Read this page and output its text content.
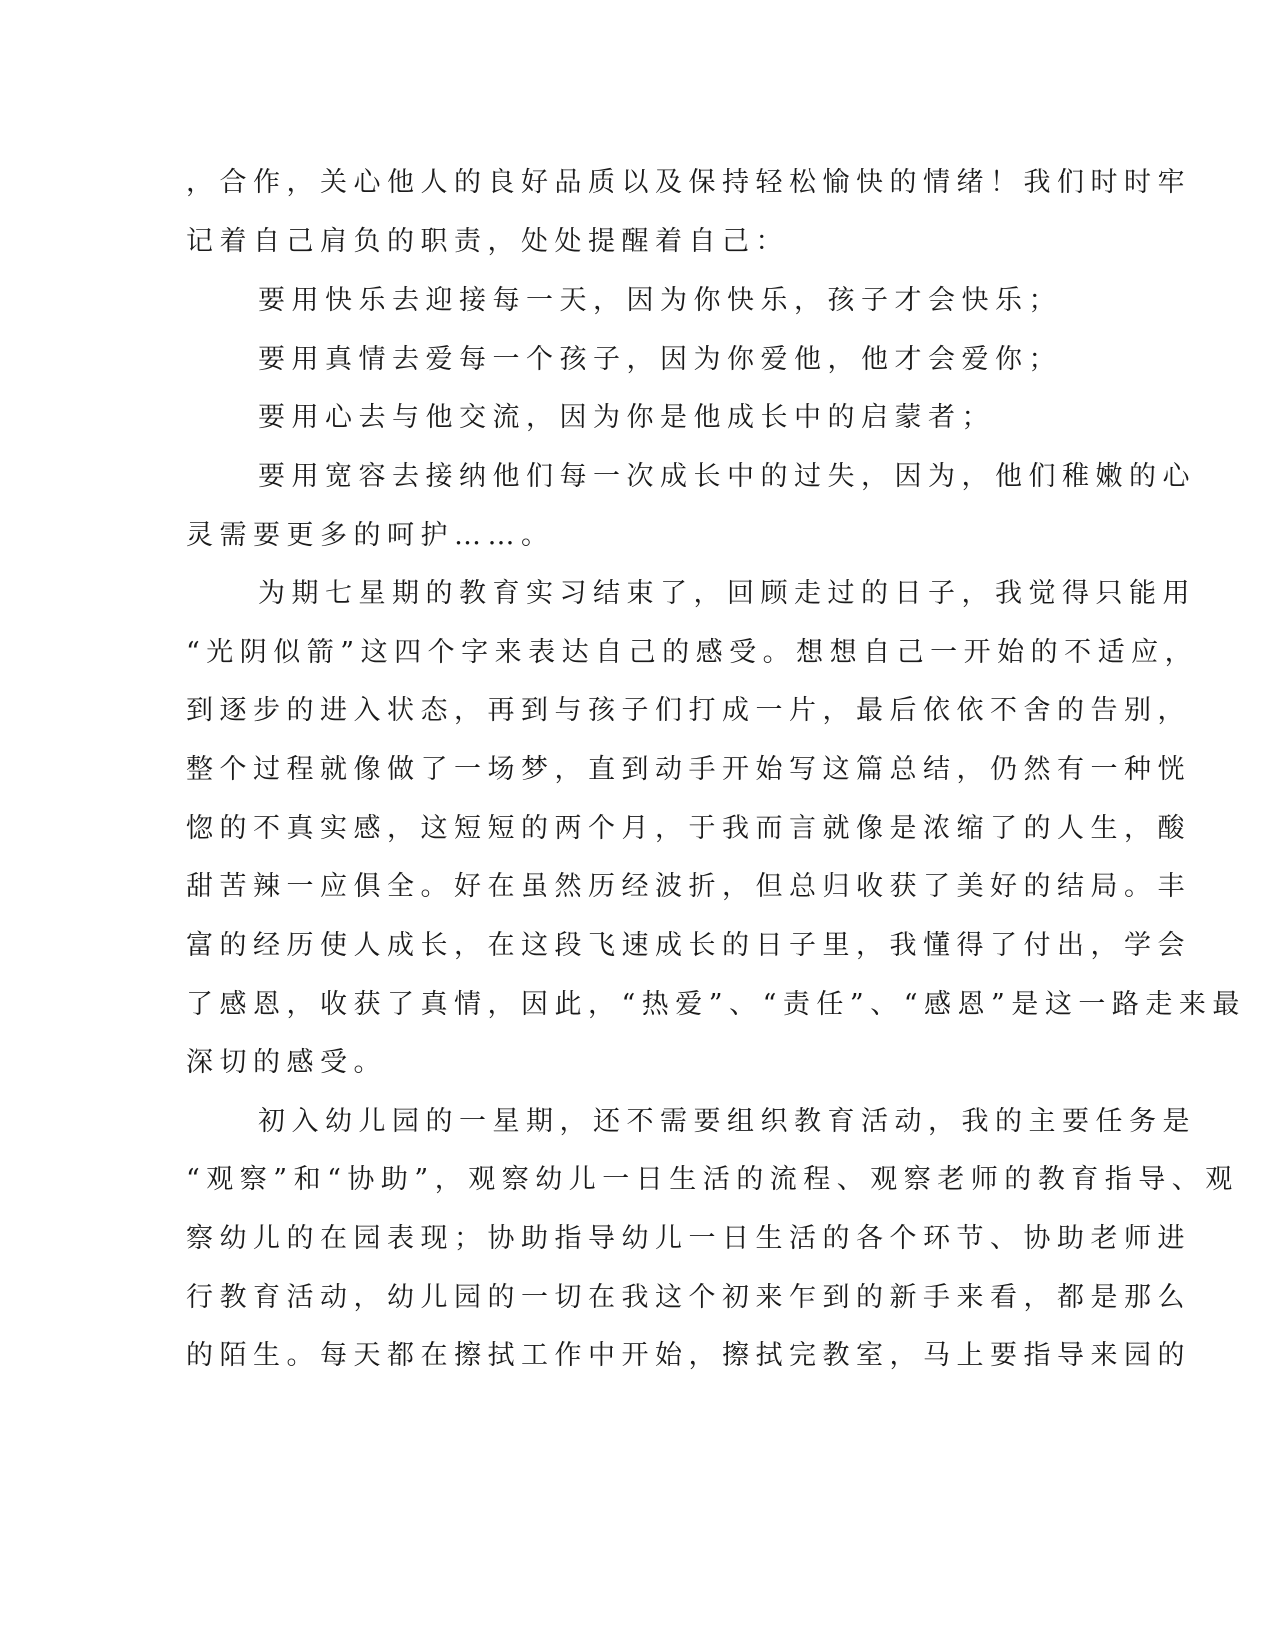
，合作，关心他人的良好品质以及保持轻松愉快的情绪！我们时时牢
记着自己肩负的职责，处处提醒着自己：
要用快乐去迎接每一天，因为你快乐，孩子才会快乐；
要用真情去爱每一个孩子，因为你爱他，他才会爱你；
要用心去与他交流，因为你是他成长中的启蒙者；
要用宽容去接纳他们每一次成长中的过失，因为，他们稚嫩的心
灵需要更多的呵护……。
为期七星期的教育实习结束了，回顾走过的日子，我觉得只能用
“光阴似箭”这四个字来表达自己的感受。想想自己一开始的不适应，
到逐步的进入状态，再到与孩子们打成一片，最后依依不舍的告别，
整个过程就像做了一场梦，直到动手开始写这篇总结，仍然有一种恍
惚的不真实感，这短短的两个月，于我而言就像是浓缩了的人生，酸
甜苦辣一应俱全。好在虽然历经波折，但总归收获了美好的结局。丰
富的经历使人成长，在这段飞速成长的日子里，我懂得了付出，学会
了感恩，收获了真情，因此，“热爱”、“责任”、“感恩”是这一路走来最
深切的感受。
初入幼儿园的一星期，还不需要组织教育活动，我的主要任务是
“观察”和“协助”，观察幼儿一日生活的流程、观察老师的教育指导、观
察幼儿的在园表现；协助指导幼儿一日生活的各个环节、协助老师进
行教育活动，幼儿园的一切在我这个初来乍到的新手来看，都是那么
的陌生。每天都在擦拭工作中开始，擦拭完教室，马上要指导来园的
